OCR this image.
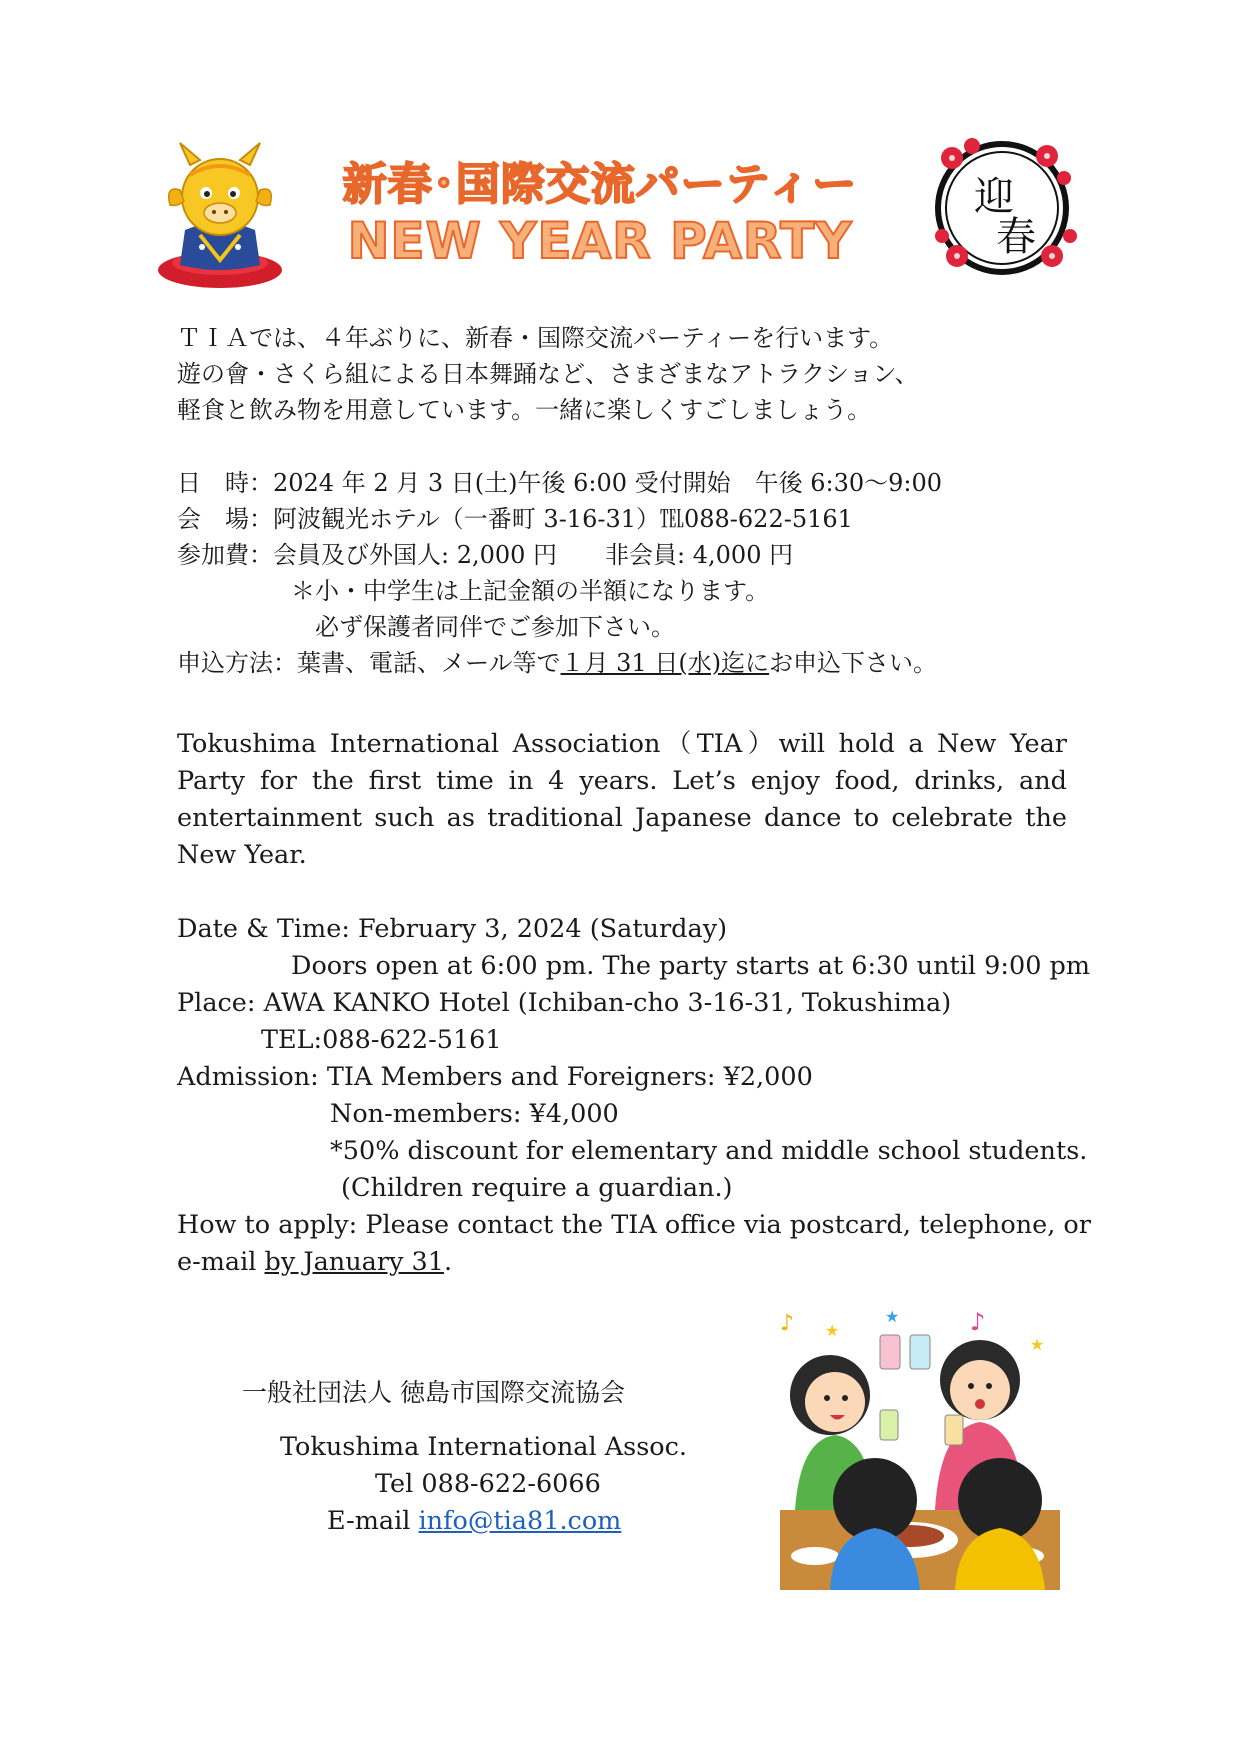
新春･国際交流パーティー
NEW YEAR PARTY
迎
春
ＴＩＡでは、４年ぶりに、新春・国際交流パーティーを行います。
遊の會・さくら組による日本舞踊など、さまざまなアトラクション、
軽食と飲み物を用意しています。一緒に楽しくすごしましょう。
日　時：2024 年 2 月 3 日(土)午後 6:00 受付開始　午後 6:30～9:00
会　場：阿波観光ホテル（一番町 3-16-31）℡088-622-5161
参加費：会員及び外国人: 2,000 円　　非会員: 4,000 円
＊小・中学生は上記金額の半額になります。
必ず保護者同伴でご参加下さい。
申込方法：葉書、電話、メール等で１月 31 日(水)迄にお申込下さい。
Tokushima International Association（TIA）will hold a New Year Party for the first time in 4 years. Let’s enjoy food, drinks, and entertainment such as traditional Japanese dance to celebrate the New Year.
Date & Time: February 3, 2024 (Saturday)
Doors open at 6:00 pm. The party starts at 6:30 until 9:00 pm
Place: AWA KANKO Hotel (Ichiban-cho 3-16-31, Tokushima)
TEL:088-622-5161
Admission: TIA Members and Foreigners: ¥2,000
Non-members: ¥4,000
*50% discount for elementary and middle school students.
(Children require a guardian.)
How to apply: Please contact the TIA office via postcard, telephone, or
e-mail by January 31.
一般社団法人 徳島市国際交流協会
Tokushima International Assoc.
Tel 088-622-6066
E-mail info@tia81.com
♪	♪
★
★
★
